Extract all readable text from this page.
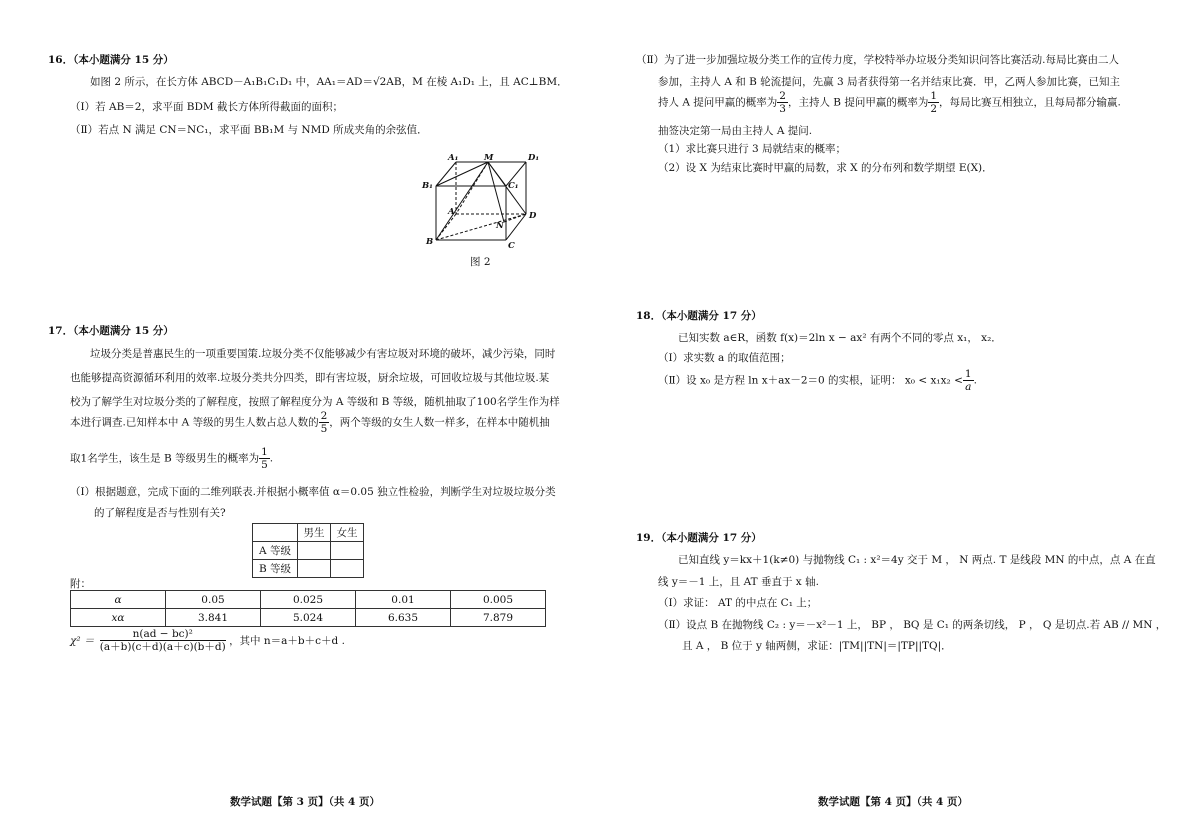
16．（本小题满分 15 分）
如图 2 所示，在长方体 ABCD－A₁B₁C₁D₁ 中，AA₁＝AD＝√2AB，M 在棱 A₁D₁ 上，且 AC⊥BM．
（Ⅰ）若 AB＝2，求平面 BDM 截长方体所得截面的面积；
（Ⅱ）若点 N 满足 CN＝NC₁，求平面 BB₁M 与 NMD 所成夹角的余弦值．
A₁	M	D₁
B₁	C₁
A	D
N
B	C
图 2
17．（本小题满分 15 分）
垃圾分类是普惠民生的一项重要国策.垃圾分类不仅能够减少有害垃圾对环境的破坏，减少污染，同时
也能够提高资源循环利用的效率.垃圾分类共分四类，即有害垃圾，厨余垃圾，可回收垃圾与其他垃圾.某
校为了解学生对垃圾分类的了解程度，按照了解程度分为 A 等级和 B 等级，随机抽取了100名学生作为样
本进行调查.已知样本中 A 等级的男生人数占总人数的 $\frac{2}{5}$ ，两个等级的女生人数一样多，在样本中随机抽
取1名学生，该生是 B 等级男生的概率为 $\frac{1}{5}$ .
（Ⅰ）根据题意，完成下面的二维列联表.并根据小概率值 α＝0.05 独立性检验，判断学生对垃圾垃圾分类
的了解程度是否与性别有关?
	男生	女生
A 等级		
B 等级		
附：
α	0.05	0.025	0.01	0.005
xα	3.841	5.024	6.635	7.879
$\chi^2 = \frac{\text{n(ad − bc)²}}{(a+b)(c+d)(a+c)(b+d)}$ ，其中 n＝a＋b＋c＋d .
（Ⅱ）为了进一步加强垃圾分类工作的宣传力度，学校特举办垃圾分类知识问答比赛活动.每局比赛由二人
参加，主持人 A 和 B 轮流提问，先赢 3 局者获得第一名并结束比赛．甲，乙两人参加比赛，已知主
持人 A 提问甲赢的概率为 $\frac{2}{3}$ ，主持人 B 提问甲赢的概率为 $\frac{1}{2}$ ，每局比赛互相独立，且每局都分输赢.
抽签决定第一局由主持人 A 提问.
（1）求比赛只进行 3 局就结束的概率；
（2）设 X 为结束比赛时甲赢的局数，求 X 的分布列和数学期望 E(X)．
18．（本小题满分 17 分）
已知实数 a∈R，函数 f(x)＝2ln x − ax² 有两个不同的零点 x₁， x₂．
（Ⅰ）求实数 a 的取值范围；
（Ⅱ）设 x₀ 是方程 ln x＋ax－2＝0 的实根，证明： $x_0 < x_1x_2 < \frac{1}{a}$ .
19．（本小题满分 17 分）
已知直线 y＝kx＋1(k≠0) 与抛物线 C₁ : x²＝4y 交于 M ， N 两点. T 是线段 MN 的中点，点 A 在直
线 y＝－1 上，且 AT 垂直于 x 轴.
（Ⅰ）求证： AT 的中点在 C₁ 上；
（Ⅱ）设点 B 在抛物线 C₂ : y＝－x²－1 上， BP ， BQ 是 C₁ 的两条切线， P ， Q 是切点.若 AB // MN ，
且 A ， B 位于 y 轴两侧，求证：|TM||TN|＝|TP||TQ|．
数学试题【第 3 页】（共 4 页）	数学试题【第 4 页】（共 4 页）
